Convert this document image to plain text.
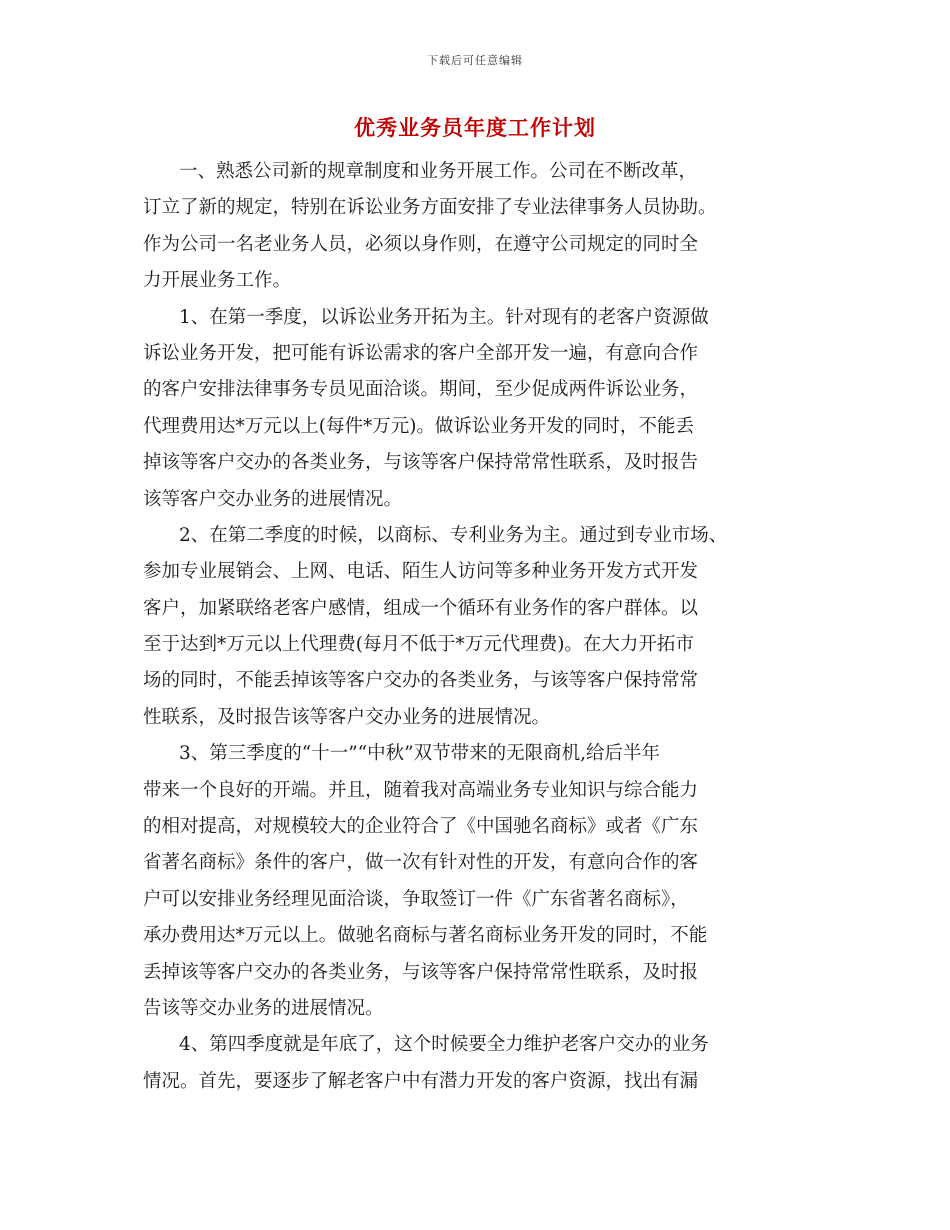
下载后可任意编辑
优秀业务员年度工作计划
一、熟悉公司新的规章制度和业务开展工作。公司在不断改革，
订立了新的规定，特别在诉讼业务方面安排了专业法律事务人员协助。
作为公司一名老业务人员，必须以身作则，在遵守公司规定的同时全
力开展业务工作。
1、在第一季度，以诉讼业务开拓为主。针对现有的老客户资源做
诉讼业务开发，把可能有诉讼需求的客户全部开发一遍，有意向合作
的客户安排法律事务专员见面洽谈。期间，至少促成两件诉讼业务，
代理费用达*万元以上(每件*万元)。做诉讼业务开发的同时，不能丢
掉该等客户交办的各类业务，与该等客户保持常常性联系，及时报告
该等客户交办业务的进展情况。
2、在第二季度的时候，以商标、专利业务为主。通过到专业市场、
参加专业展销会、上网、电话、陌生人访问等多种业务开发方式开发
客户，加紧联络老客户感情，组成一个循环有业务作的客户群体。以
至于达到*万元以上代理费(每月不低于*万元代理费)。在大力开拓市
场的同时，不能丢掉该等客户交办的各类业务，与该等客户保持常常
性联系，及时报告该等客户交办业务的进展情况。
3、第三季度的“十一”“中秋”双节带来的无限商机,给后半年
带来一个良好的开端。并且，随着我对高端业务专业知识与综合能力
的相对提高，对规模较大的企业符合了《中国驰名商标》或者《广东
省著名商标》条件的客户，做一次有针对性的开发，有意向合作的客
户可以安排业务经理见面洽谈，争取签订一件《广东省著名商标》，
承办费用达*万元以上。做驰名商标与著名商标业务开发的同时，不能
丢掉该等客户交办的各类业务，与该等客户保持常常性联系，及时报
告该等交办业务的进展情况。
4、第四季度就是年底了，这个时候要全力维护老客户交办的业务
情况。首先，要逐步了解老客户中有潜力开发的客户资源，找出有漏
